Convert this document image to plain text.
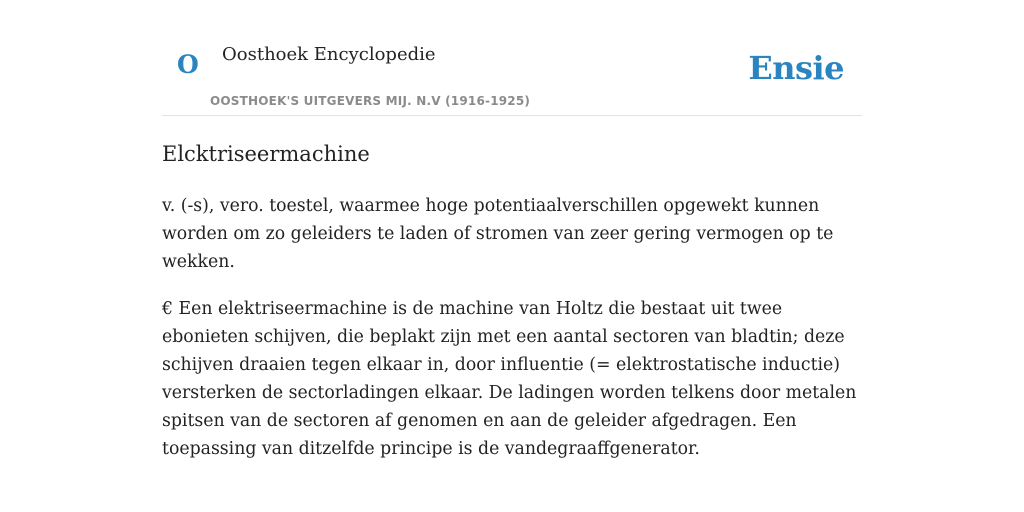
O Oosthoek Encyclopedie
OOSTHOEK'S UITGEVERS MIJ. N.V (1916-1925)
Ensie
Elcktriseermachine

v. (-s), vero. toestel, waarmee hoge potentiaalverschillen opgewekt kunnen worden om zo geleiders te laden of stromen van zeer gering vermogen op te wekken.

€ Een elektriseermachine is de machine van Holtz die bestaat uit twee ebonieten schijven, die beplakt zijn met een aantal sectoren van bladtin; deze schijven draaien tegen elkaar in, door influentie (= elektrostatische inductie) versterken de sectorladingen elkaar. De ladingen worden telkens door metalen spitsen van de sectoren af genomen en aan de geleider afgedragen. Een toepassing van ditzelfde principe is de vandegraaffgenerator.
